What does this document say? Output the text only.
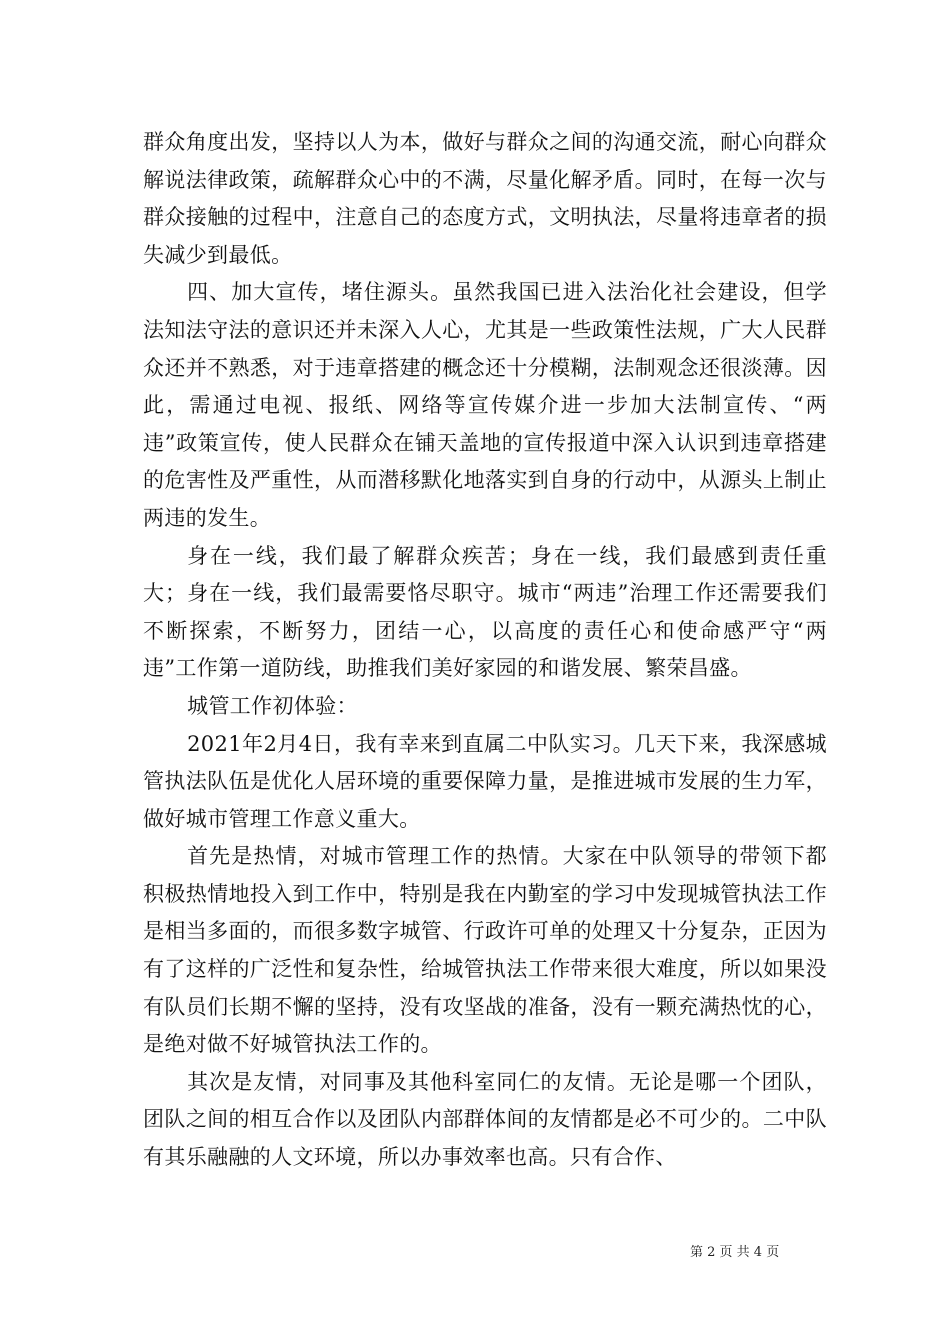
群众角度出发，坚持以人为本，做好与群众之间的沟通交流，耐心向群众解说法律政策，疏解群众心中的不满，尽量化解矛盾。同时，在每一次与群众接触的过程中，注意自己的态度方式，文明执法，尽量将违章者的损失减少到最低。

四、加大宣传，堵住源头。虽然我国已进入法治化社会建设，但学法知法守法的意识还并未深入人心，尤其是一些政策性法规，广大人民群众还并不熟悉，对于违章搭建的概念还十分模糊，法制观念还很淡薄。因此，需通过电视、报纸、网络等宣传媒介进一步加大法制宣传、“两违”政策宣传，使人民群众在铺天盖地的宣传报道中深入认识到违章搭建的危害性及严重性，从而潜移默化地落实到自身的行动中，从源头上制止两违的发生。

身在一线，我们最了解群众疾苦；身在一线，我们最感到责任重大；身在一线，我们最需要恪尽职守。城市“两违”治理工作还需要我们不断探索，不断努力，团结一心，以高度的责任心和使命感严守“两违”工作第一道防线，助推我们美好家园的和谐发展、繁荣昌盛。

城管工作初体验：

2021年2月4日，我有幸来到直属二中队实习。几天下来，我深感城管执法队伍是优化人居环境的重要保障力量，是推进城市发展的生力军，做好城市管理工作意义重大。

首先是热情，对城市管理工作的热情。大家在中队领导的带领下都积极热情地投入到工作中，特别是我在内勤室的学习中发现城管执法工作是相当多面的，而很多数字城管、行政许可单的处理又十分复杂，正因为有了这样的广泛性和复杂性，给城管执法工作带来很大难度，所以如果没有队员们长期不懈的坚持，没有攻坚战的准备，没有一颗充满热忱的心，是绝对做不好城管执法工作的。

其次是友情，对同事及其他科室同仁的友情。无论是哪一个团队，团队之间的相互合作以及团队内部群体间的友情都是必不可少的。二中队有其乐融融的人文环境，所以办事效率也高。只有合作、

第 2 页 共 4 页
